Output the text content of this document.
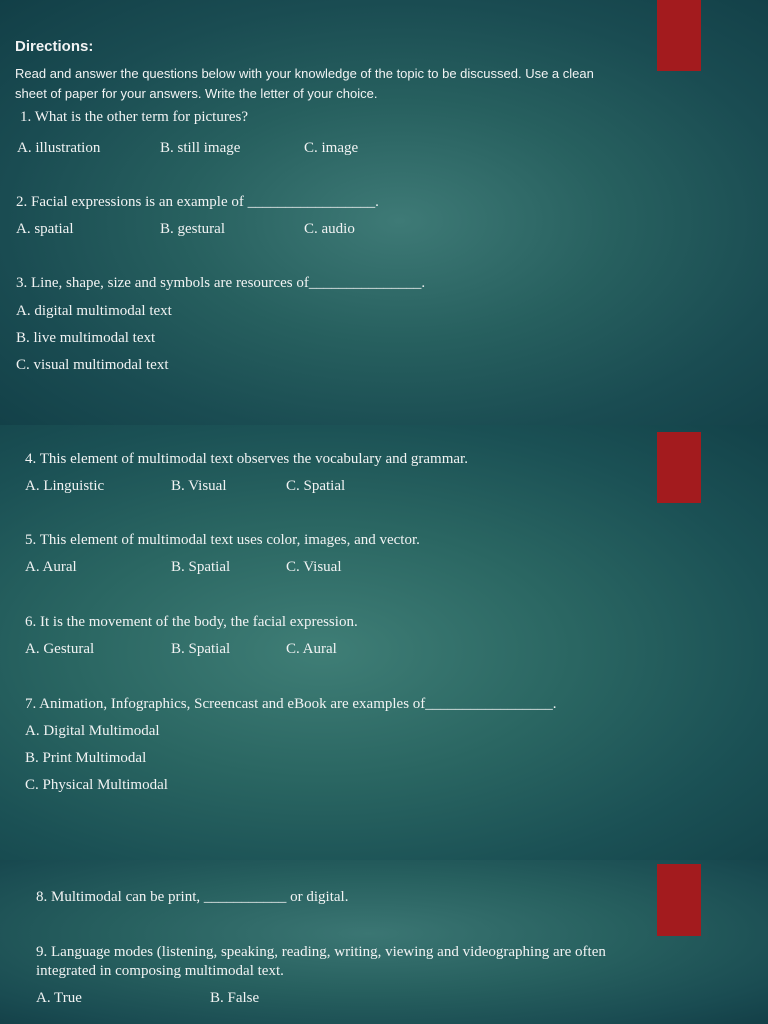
Directions:
Read and answer the questions below with your knowledge of the topic to be discussed. Use a clean
sheet of paper for your answers. Write the letter of your choice.
1. What is the other term for pictures?
A. illustration	B. still image	C. image
2. Facial expressions is an example of _________________.
A. spatial	B. gestural	C. audio
3. Line, shape, size and symbols are resources of_______________.
A. digital multimodal text
B. live multimodal text
C. visual multimodal text
4. This element of multimodal text observes the vocabulary and grammar.
A. Linguistic	B. Visual	C. Spatial
5. This element of multimodal text uses color, images, and vector.
A. Aural	B. Spatial	C. Visual
6. It is the movement of the body, the facial expression.
A. Gestural	B. Spatial	C. Aural
7. Animation, Infographics, Screencast and eBook are examples of_________________.
A. Digital Multimodal
B. Print Multimodal
C. Physical Multimodal
8. Multimodal can be print, ___________ or digital.
9. Language modes (listening, speaking, reading, writing, viewing and videographing are often
integrated in composing multimodal text.
A. True	B. False
